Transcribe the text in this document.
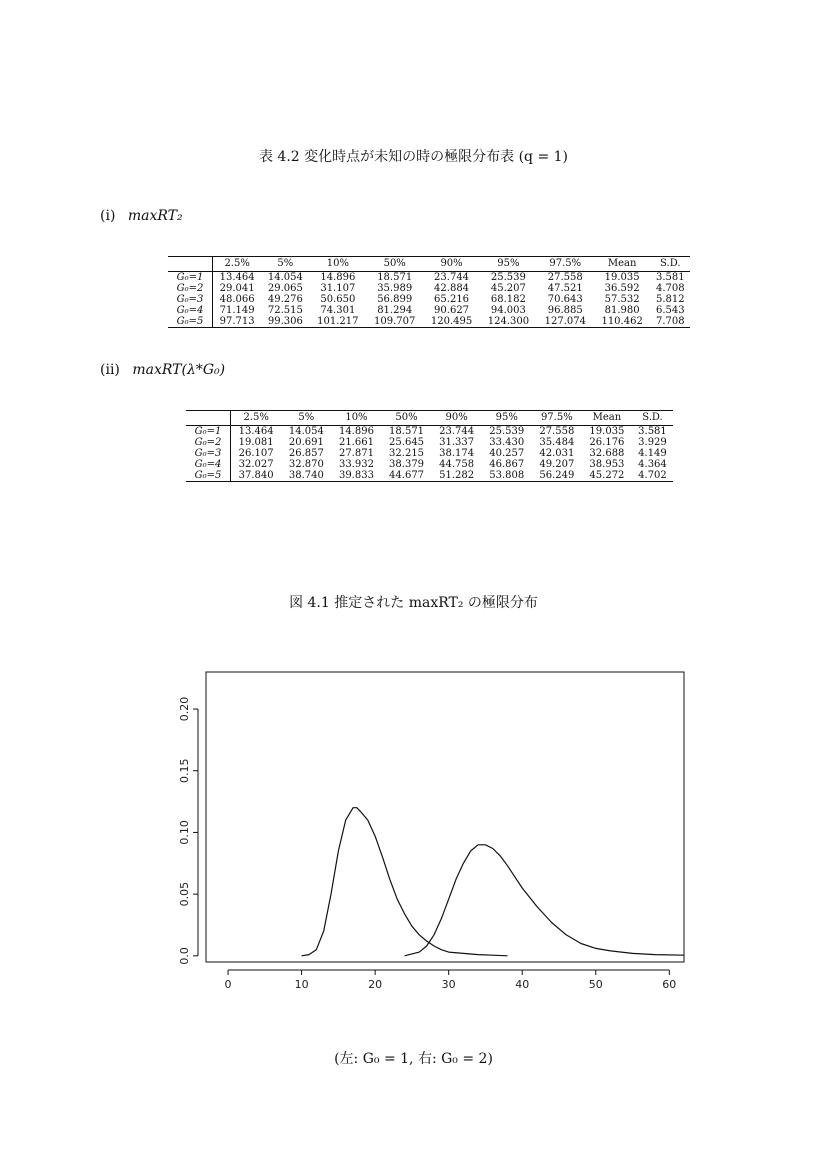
表 4.2 変化時点が未知の時の極限分布表 (q = 1)
(i) maxRT₂
	2.5%	5%	10%	50%	90%	95%	97.5%	Mean	S.D.
G₀=1	13.464	14.054	14.896	18.571	23.744	25.539	27.558	19.035	3.581
G₀=2	29.041	29.065	31.107	35.989	42.884	45.207	47.521	36.592	4.708
G₀=3	48.066	49.276	50.650	56.899	65.216	68.182	70.643	57.532	5.812
G₀=4	71.149	72.515	74.301	81.294	90.627	94.003	96.885	81.980	6.543
G₀=5	97.713	99.306	101.217	109.707	120.495	124.300	127.074	110.462	7.708
(ii) maxRT(λ*G₀)
	2.5%	5%	10%	50%	90%	95%	97.5%	Mean	S.D.
G₀=1	13.464	14.054	14.896	18.571	23.744	25.539	27.558	19.035	3.581
G₀=2	19.081	20.691	21.661	25.645	31.337	33.430	35.484	26.176	3.929
G₀=3	26.107	26.857	27.871	32.215	38.174	40.257	42.031	32.688	4.149
G₀=4	32.027	32.870	33.932	38.379	44.758	46.867	49.207	38.953	4.364
G₀=5	37.840	38.740	39.833	44.677	51.282	53.808	56.249	45.272	4.702
図 4.1 推定された maxRT₂ の極限分布
0	10	20	30	40	50	60
0.0
0.05
0.10
0.15
0.20
(左: G₀ = 1, 右: G₀ = 2)
